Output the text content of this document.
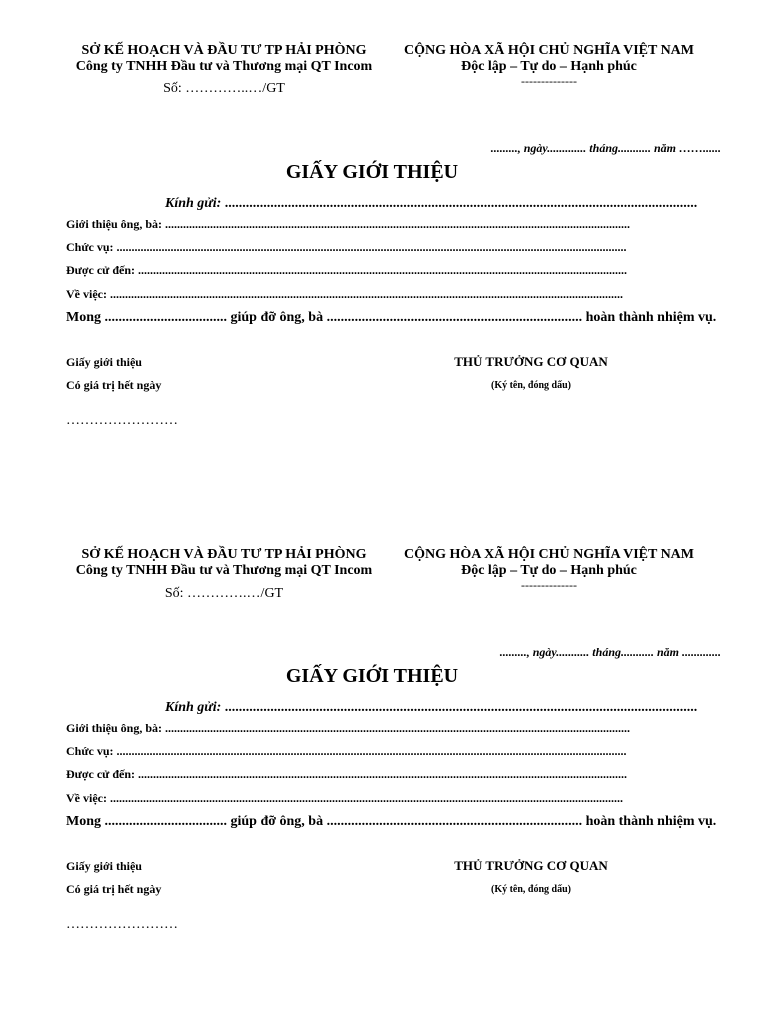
SỞ KẾ HOẠCH VÀ ĐẦU TƯ TP HẢI PHÒNG
Công ty TNHH Đầu tư và Thương mại QT Incom
Số: …………..…/GT
CỘNG HÒA XÃ HỘI CHỦ NGHĨA VIỆT NAM
Độc lập – Tự do – Hạnh phúc
--------------
........., ngày............. tháng........... năm ……......
GIẤY GIỚI THIỆU
Kính gửi: .......................................................................................................................................
Giới thiệu ông, bà: ...........................................................................................................................................................
Chức vụ: ..........................................................................................................................................................................
Được cử đến: ...................................................................................................................................................................
Về việc: ...........................................................................................................................................................................
Mong ................................... giúp đỡ ông, bà ......................................................................... hoàn thành nhiệm vụ.
Giấy giới thiệu
Có giá trị hết ngày
……………………
THỦ TRƯỞNG CƠ QUAN
(Ký tên, đóng dấu)
SỞ KẾ HOẠCH VÀ ĐẦU TƯ TP HẢI PHÒNG
Công ty TNHH Đầu tư và Thương mại QT Incom
Số: ………….…/GT
CỘNG HÒA XÃ HỘI CHỦ NGHĨA VIỆT NAM
Độc lập – Tự do – Hạnh phúc
--------------
........., ngày........... tháng........... năm .............
GIẤY GIỚI THIỆU
Kính gửi: .......................................................................................................................................
Giới thiệu ông, bà: ...........................................................................................................................................................
Chức vụ: ..........................................................................................................................................................................
Được cử đến: ...................................................................................................................................................................
Về việc: ...........................................................................................................................................................................
Mong ................................... giúp đỡ ông, bà ......................................................................... hoàn thành nhiệm vụ.
Giấy giới thiệu
Có giá trị hết ngày
……………………
THỦ TRƯỞNG CƠ QUAN
(Ký tên, đóng dấu)
